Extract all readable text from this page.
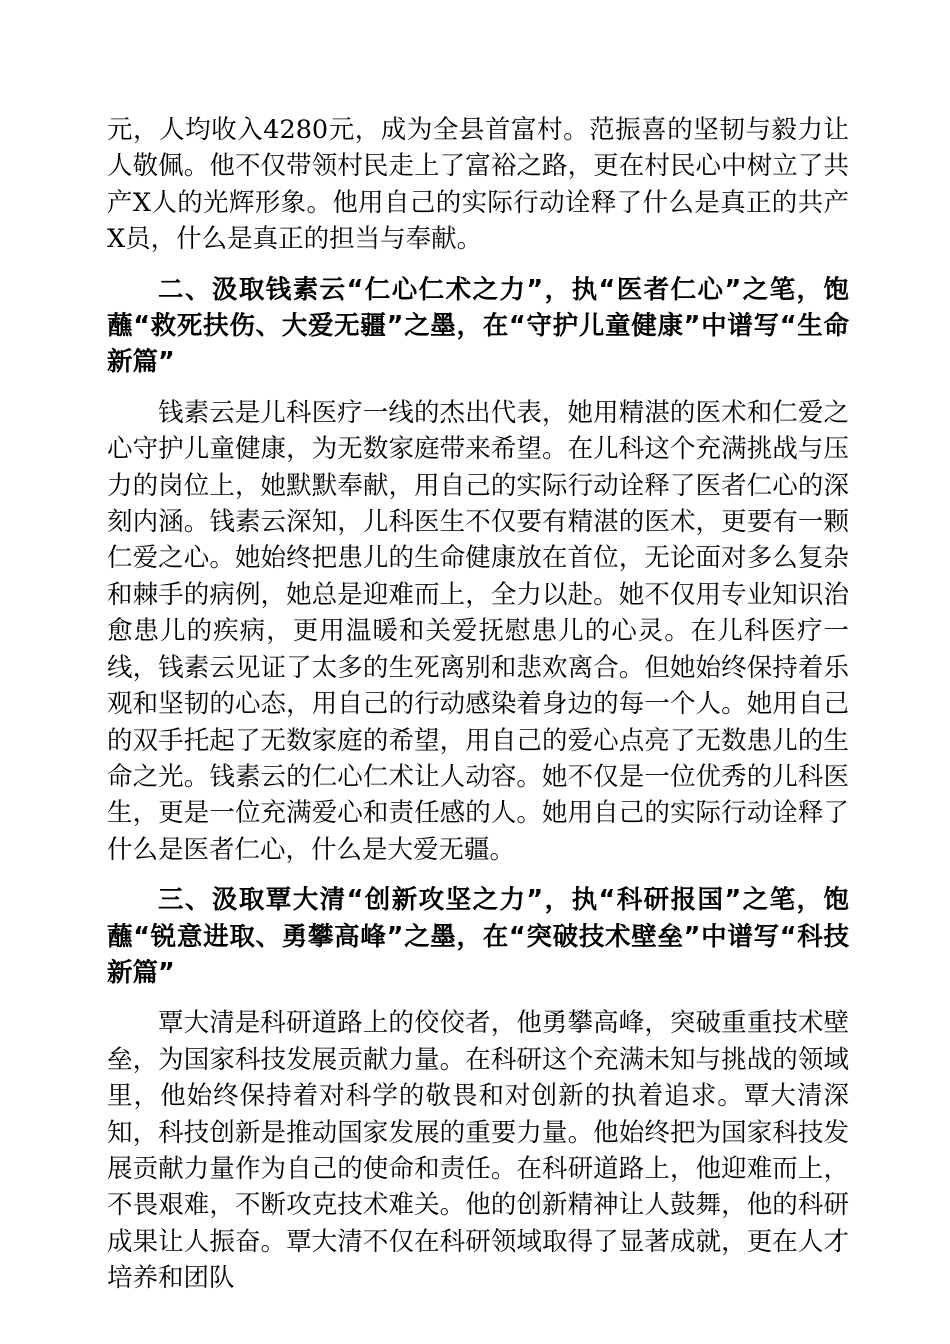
元，人均收入4280元，成为全县首富村。范振喜的坚韧与毅力让人敬佩。他不仅带领村民走上了富裕之路，更在村民心中树立了共产X人的光辉形象。他用自己的实际行动诠释了什么是真正的共产X员，什么是真正的担当与奉献。

二、汲取钱素云“仁心仁术之力”，执“医者仁心”之笔，饱蘸“救死扶伤、大爱无疆”之墨，在“守护儿童健康”中谱写“生命新篇”

钱素云是儿科医疗一线的杰出代表，她用精湛的医术和仁爱之心守护儿童健康，为无数家庭带来希望。在儿科这个充满挑战与压力的岗位上，她默默奉献，用自己的实际行动诠释了医者仁心的深刻内涵。钱素云深知，儿科医生不仅要有精湛的医术，更要有一颗仁爱之心。她始终把患儿的生命健康放在首位，无论面对多么复杂和棘手的病例，她总是迎难而上，全力以赴。她不仅用专业知识治愈患儿的疾病，更用温暖和关爱抚慰患儿的心灵。在儿科医疗一线，钱素云见证了太多的生死离别和悲欢离合。但她始终保持着乐观和坚韧的心态，用自己的行动感染着身边的每一个人。她用自己的双手托起了无数家庭的希望，用自己的爱心点亮了无数患儿的生命之光。钱素云的仁心仁术让人动容。她不仅是一位优秀的儿科医生，更是一位充满爱心和责任感的人。她用自己的实际行动诠释了什么是医者仁心，什么是大爱无疆。

三、汲取覃大清“创新攻坚之力”，执“科研报国”之笔，饱蘸“锐意进取、勇攀高峰”之墨，在“突破技术壁垒”中谱写“科技新篇”

覃大清是科研道路上的佼佼者，他勇攀高峰，突破重重技术壁垒，为国家科技发展贡献力量。在科研这个充满未知与挑战的领域里，他始终保持着对科学的敬畏和对创新的执着追求。覃大清深知，科技创新是推动国家发展的重要力量。他始终把为国家科技发展贡献力量作为自己的使命和责任。在科研道路上，他迎难而上，不畏艰难，不断攻克技术难关。他的创新精神让人鼓舞，他的科研成果让人振奋。覃大清不仅在科研领域取得了显著成就，更在人才培养和团队
